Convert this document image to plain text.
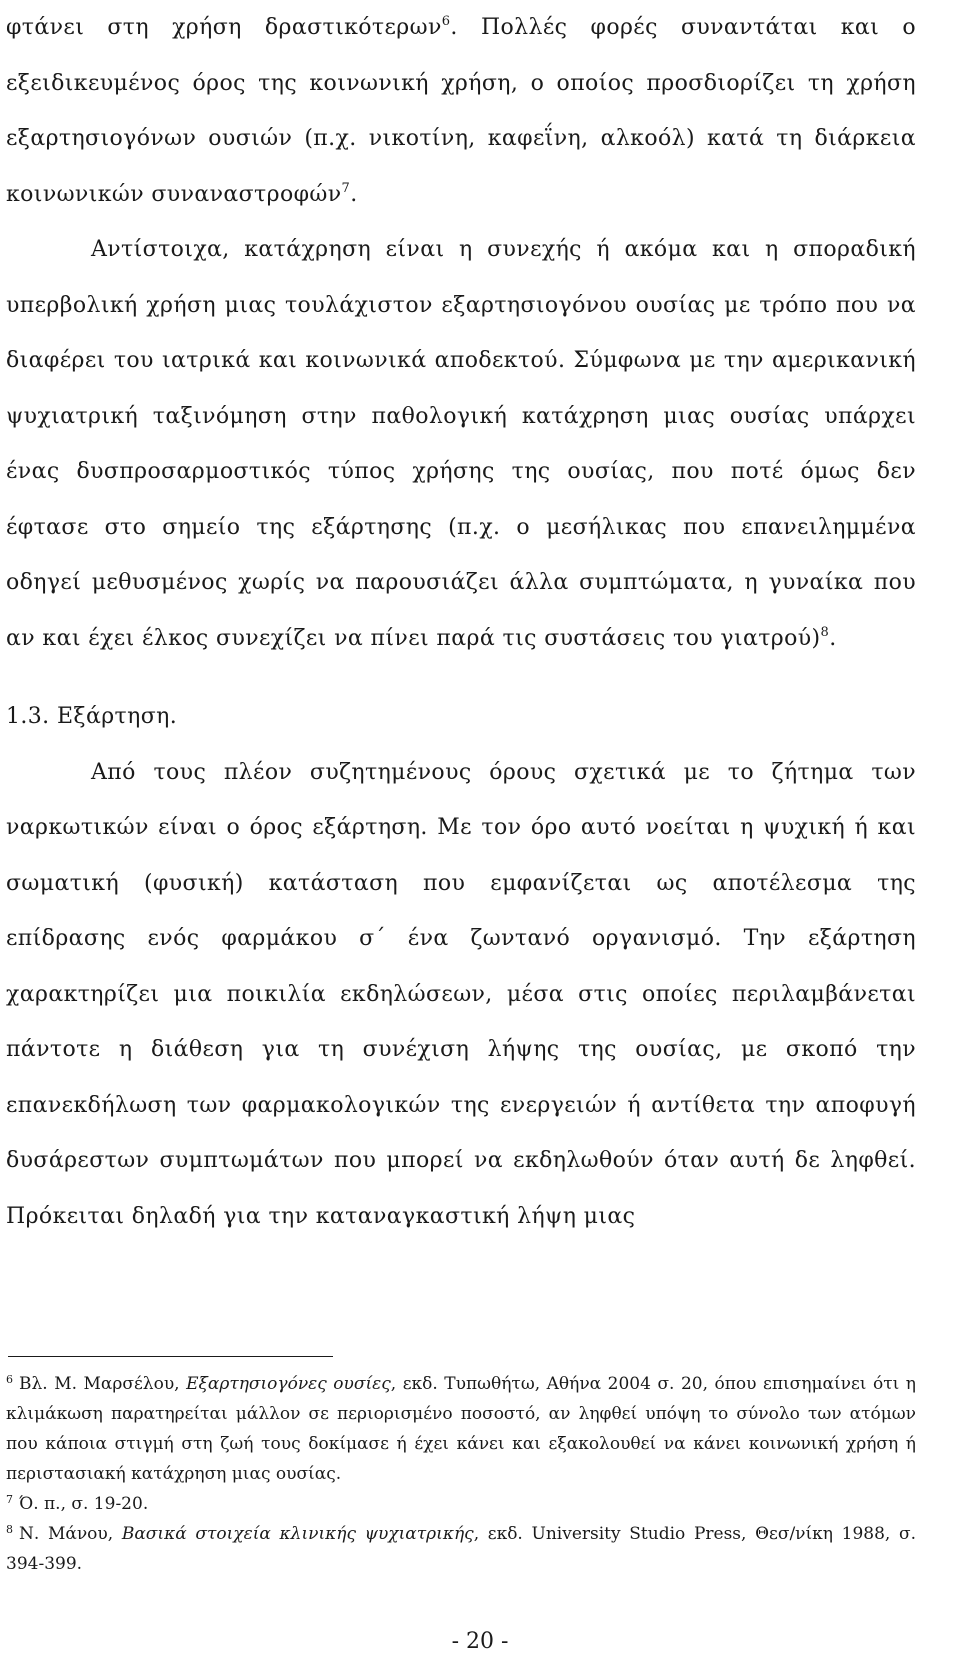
φτάνει στη χρήση δραστικότερων$^6$. Πολλές φορές συναντάται και ο εξειδικευμένος όρος της κοινωνική χρήση, ο οποίος προσδιορίζει τη χρήση εξαρτησιογόνων ουσιών (π.χ. νικοτίνη, καφεΐνη, αλκοόλ) κατά τη διάρκεια κοινωνικών συναναστροφών$^7$.

Αντίστοιχα, κατάχρηση είναι η συνεχής ή ακόμα και η σποραδική υπερβολική χρήση μιας τουλάχιστον εξαρτησιογόνου ουσίας με τρόπο που να διαφέρει του ιατρικά και κοινωνικά αποδεκτού. Σύμφωνα με την αμερικανική ψυχιατρική ταξινόμηση στην παθολογική κατάχρηση μιας ουσίας υπάρχει ένας δυσπροσαρμοστικός τύπος χρήσης της ουσίας, που ποτέ όμως δεν έφτασε στο σημείο της εξάρτησης (π.χ. ο μεσήλικας που επανειλημμένα οδηγεί μεθυσμένος χωρίς να παρουσιάζει άλλα συμπτώματα, η γυναίκα που αν και έχει έλκος συνεχίζει να πίνει παρά τις συστάσεις του γιατρού)$^8$.

1.3. Εξάρτηση.

Από τους πλέον συζητημένους όρους σχετικά με το ζήτημα των ναρκωτικών είναι ο όρος εξάρτηση. Με τον όρο αυτό νοείται η ψυχική ή και σωματική (φυσική) κατάσταση που εμφανίζεται ως αποτέλεσμα της επίδρασης ενός φαρμάκου σ΄ ένα ζωντανό οργανισμό. Την εξάρτηση χαρακτηρίζει μια ποικιλία εκδηλώσεων, μέσα στις οποίες περιλαμβάνεται πάντοτε η διάθεση για τη συνέχιση λήψης της ουσίας, με σκοπό την επανεκδήλωση των φαρμακολογικών της ενεργειών ή αντίθετα την αποφυγή δυσάρεστων συμπτωμάτων που μπορεί να εκδηλωθούν όταν αυτή δε ληφθεί. Πρόκειται δηλαδή για την καταναγκαστική λήψη μιας

$^6$ Βλ. Μ. Μαρσέλου, Εξαρτησιογόνες ουσίες, εκδ. Τυπωθήτω, Αθήνα 2004 σ. 20, όπου επισημαίνει ότι η κλιμάκωση παρατηρείται μάλλον σε περιορισμένο ποσοστό, αν ληφθεί υπόψη το σύνολο των ατόμων που κάποια στιγμή στη ζωή τους δοκίμασε ή έχει κάνει και εξακολουθεί να κάνει κοινωνική χρήση ή περιστασιακή κατάχρηση μιας ουσίας.

$^7$ Ό. π., σ. 19-20.

$^8$ Ν. Μάνου, Βασικά στοιχεία κλινικής ψυχιατρικής, εκδ. University Studio Press, Θεσ/νίκη 1988, σ. 394-399.

- 20 -
